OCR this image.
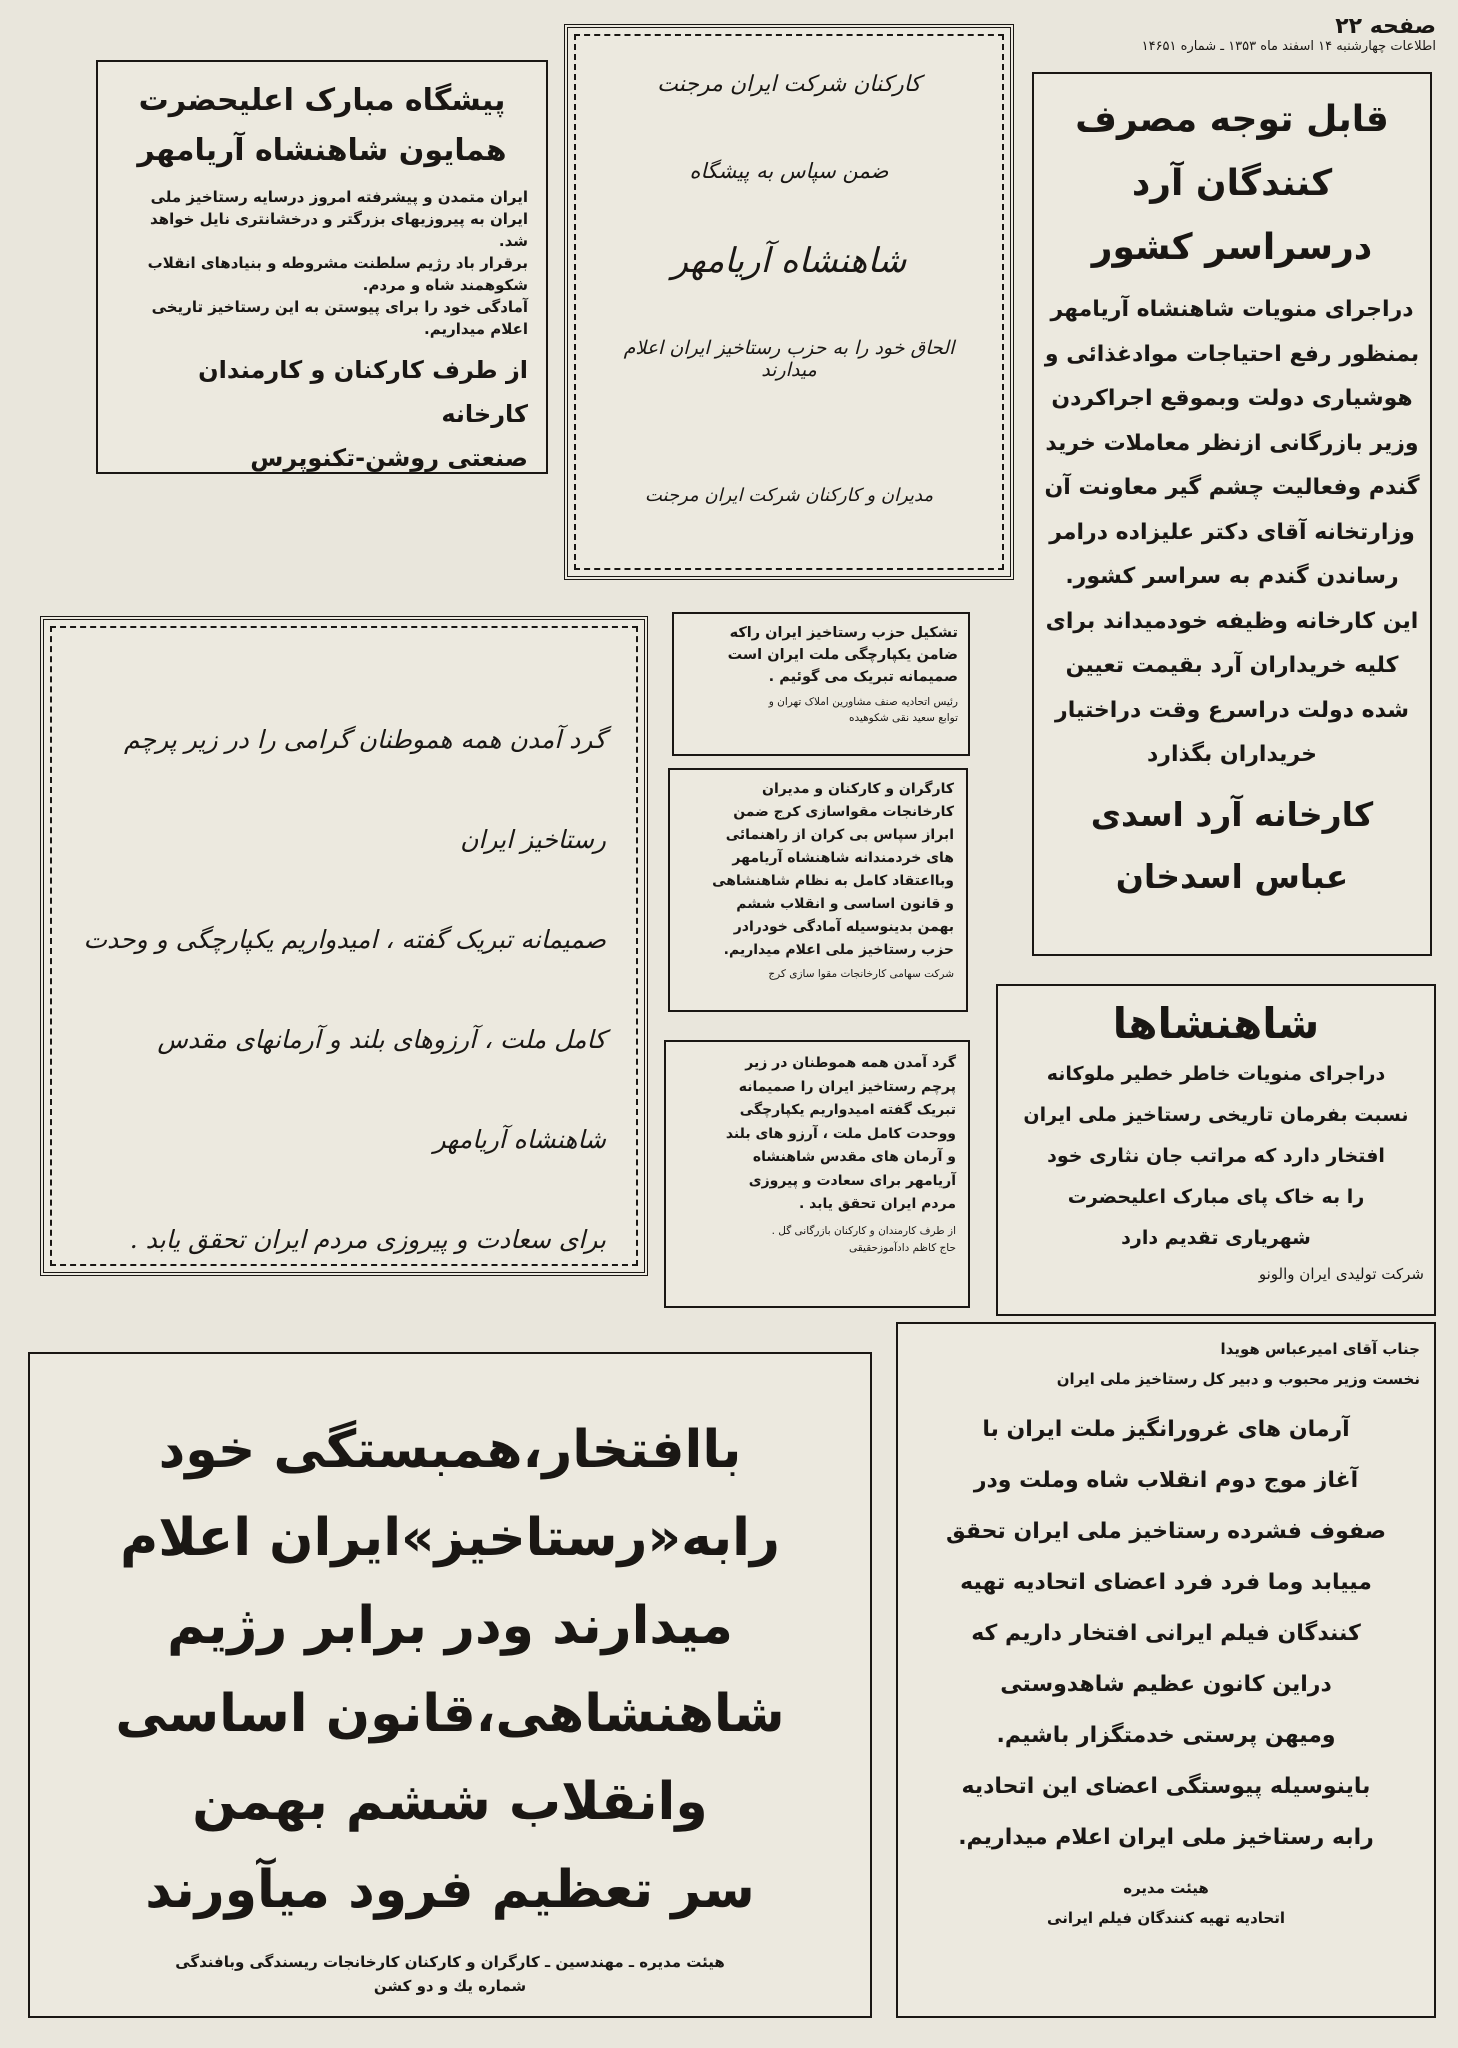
صفحه ۲۲
اطلاعات چهارشنبه ۱۴ اسفند ماه ۱۳۵۳ ـ شماره ۱۴۶۵۱
قابل توجه مصرف
کنندگان آرد
درسراسر کشور
دراجرای منویات شاهنشاه آریامهر
بمنظور رفع احتیاجات موادغذائی و
هوشیاری دولت وبموقع اجراکردن
وزیر بازرگانی ازنظر معاملات خرید
گندم وفعالیت چشم گیر معاونت آن
وزارتخانه آقای دکتر علیزاده درامر
رساندن گندم به سراسر کشور.
این کارخانه وظیفه خودمیداند برای
کلیه خریداران آرد بقیمت تعیین
شده دولت دراسرع وقت دراختیار
خریداران بگذارد
کارخانه آرد اسدی
عباس اسدخان
کارکنان شرکت ایران مرجنت
ضمن سپاس به پیشگاه
شاهنشاه آریامهر
الحاق خود را به حزب رستاخیز ایران اعلام میدارند
مدیران و کارکنان شرکت ایران مرجنت
پیشگاه مبارک اعلیحضرت
همایون شاهنشاه آریامهر
ایران متمدن و پیشرفته امروز درسایه رستاخیز ملی
ایران به پیروزیهای بزرگتر و درخشانتری نایل خواهد
شد.
برقرار باد رژیم سلطنت مشروطه و بنیادهای انقلاب
شکوهمند شاه و مردم.
آمادگی خود را برای پیوستن به این رستاخیز تاریخی
اعلام میداریم.
از طرف کارکنان و کارمندان کارخانه
صنعتی روشن-تکنوپرس
گرد آمدن همه هموطنان گرامی را در زیر پرچم رستاخیز ایران
صمیمانه تبریک گفته ، امیدواریم یکپارچگی و وحدت
کامل ملت ، آرزوهای بلند و آرمانهای مقدس شاهنشاه آریامهر
برای سعادت و پیروزی مردم ایران تحقق یابد .
تشکیل حزب رستاخیز ایران راکه
ضامن یکپارچگی ملت ایران است
صمیمانه تبریک می گوئیم .
رئیس اتحادیه صنف مشاورین املاک تهران و
توابع سعید نقی شکوهیده
کارگران و کارکنان و مدیران
کارخانجات مقواسازی کرج ضمن
ابراز سپاس بی کران از راهنمائی
های خردمندانه شاهنشاه آریامهر
وبااعتقاد کامل به نظام شاهنشاهی
و قانون اساسی و انقلاب ششم
بهمن بدینوسیله آمادگی خودرادر
حزب رستاخیز ملی اعلام میداریم.
شرکت سهامی کارخانجات مقوا سازی کرج
گرد آمدن همه هموطنان در زیر
پرچم رستاخیز ایران را صمیمانه
تبریک گفته امیدواریم یکپارچگی
ووحدت کامل ملت ، آرزو های بلند
و آرمان های مقدس شاهنشاه
آریامهر برای سعادت و پیروزی
مردم ایران تحقق یابد .
از طرف کارمندان و کارکنان بازرگانی گل .
حاج کاظم دادآموزحقیقی
شاهنشاها
دراجرای منویات خاطر خطیر ملوکانه
نسبت بفرمان تاریخی رستاخیز ملی ایران
افتخار دارد که مراتب جان نثاری خود
را به خاک پای مبارک اعلیحضرت
شهریاری تقدیم دارد
شرکت تولیدی ایران والونو
باافتخار،همبستگی خود
رابه«رستاخیز»ایران اعلام
میدارند ودر برابر رژیم
شاهنشاهی،قانون اساسی
وانقلاب ششم بهمن
سر تعظیم فرود میآورند
هیئت مدیره ـ مهندسین ـ کارگران و کارکنان کارخانجات ریسندگی وبافندگی
شماره یك و دو کشن
جناب آقای امیرعباس هویدا
نخست وزیر محبوب و دبیر کل رستاخیز ملی ایران
آرمان های غرورانگیز ملت ایران با
آغاز موج دوم انقلاب شاه وملت ودر
صفوف فشرده رستاخیز ملی ایران تحقق
مییابد وما فرد فرد اعضای اتحادیه تهیه
کنندگان فیلم ایرانی افتخار داریم که
دراین کانون عظیم شاهدوستی
ومیهن پرستی خدمتگزار باشیم.
باینوسیله پیوستگی اعضای این اتحادیه
رابه رستاخیز ملی ایران اعلام میداریم.
هیئت مدیره
اتحادیه تهیه کنندگان فیلم ایرانی
